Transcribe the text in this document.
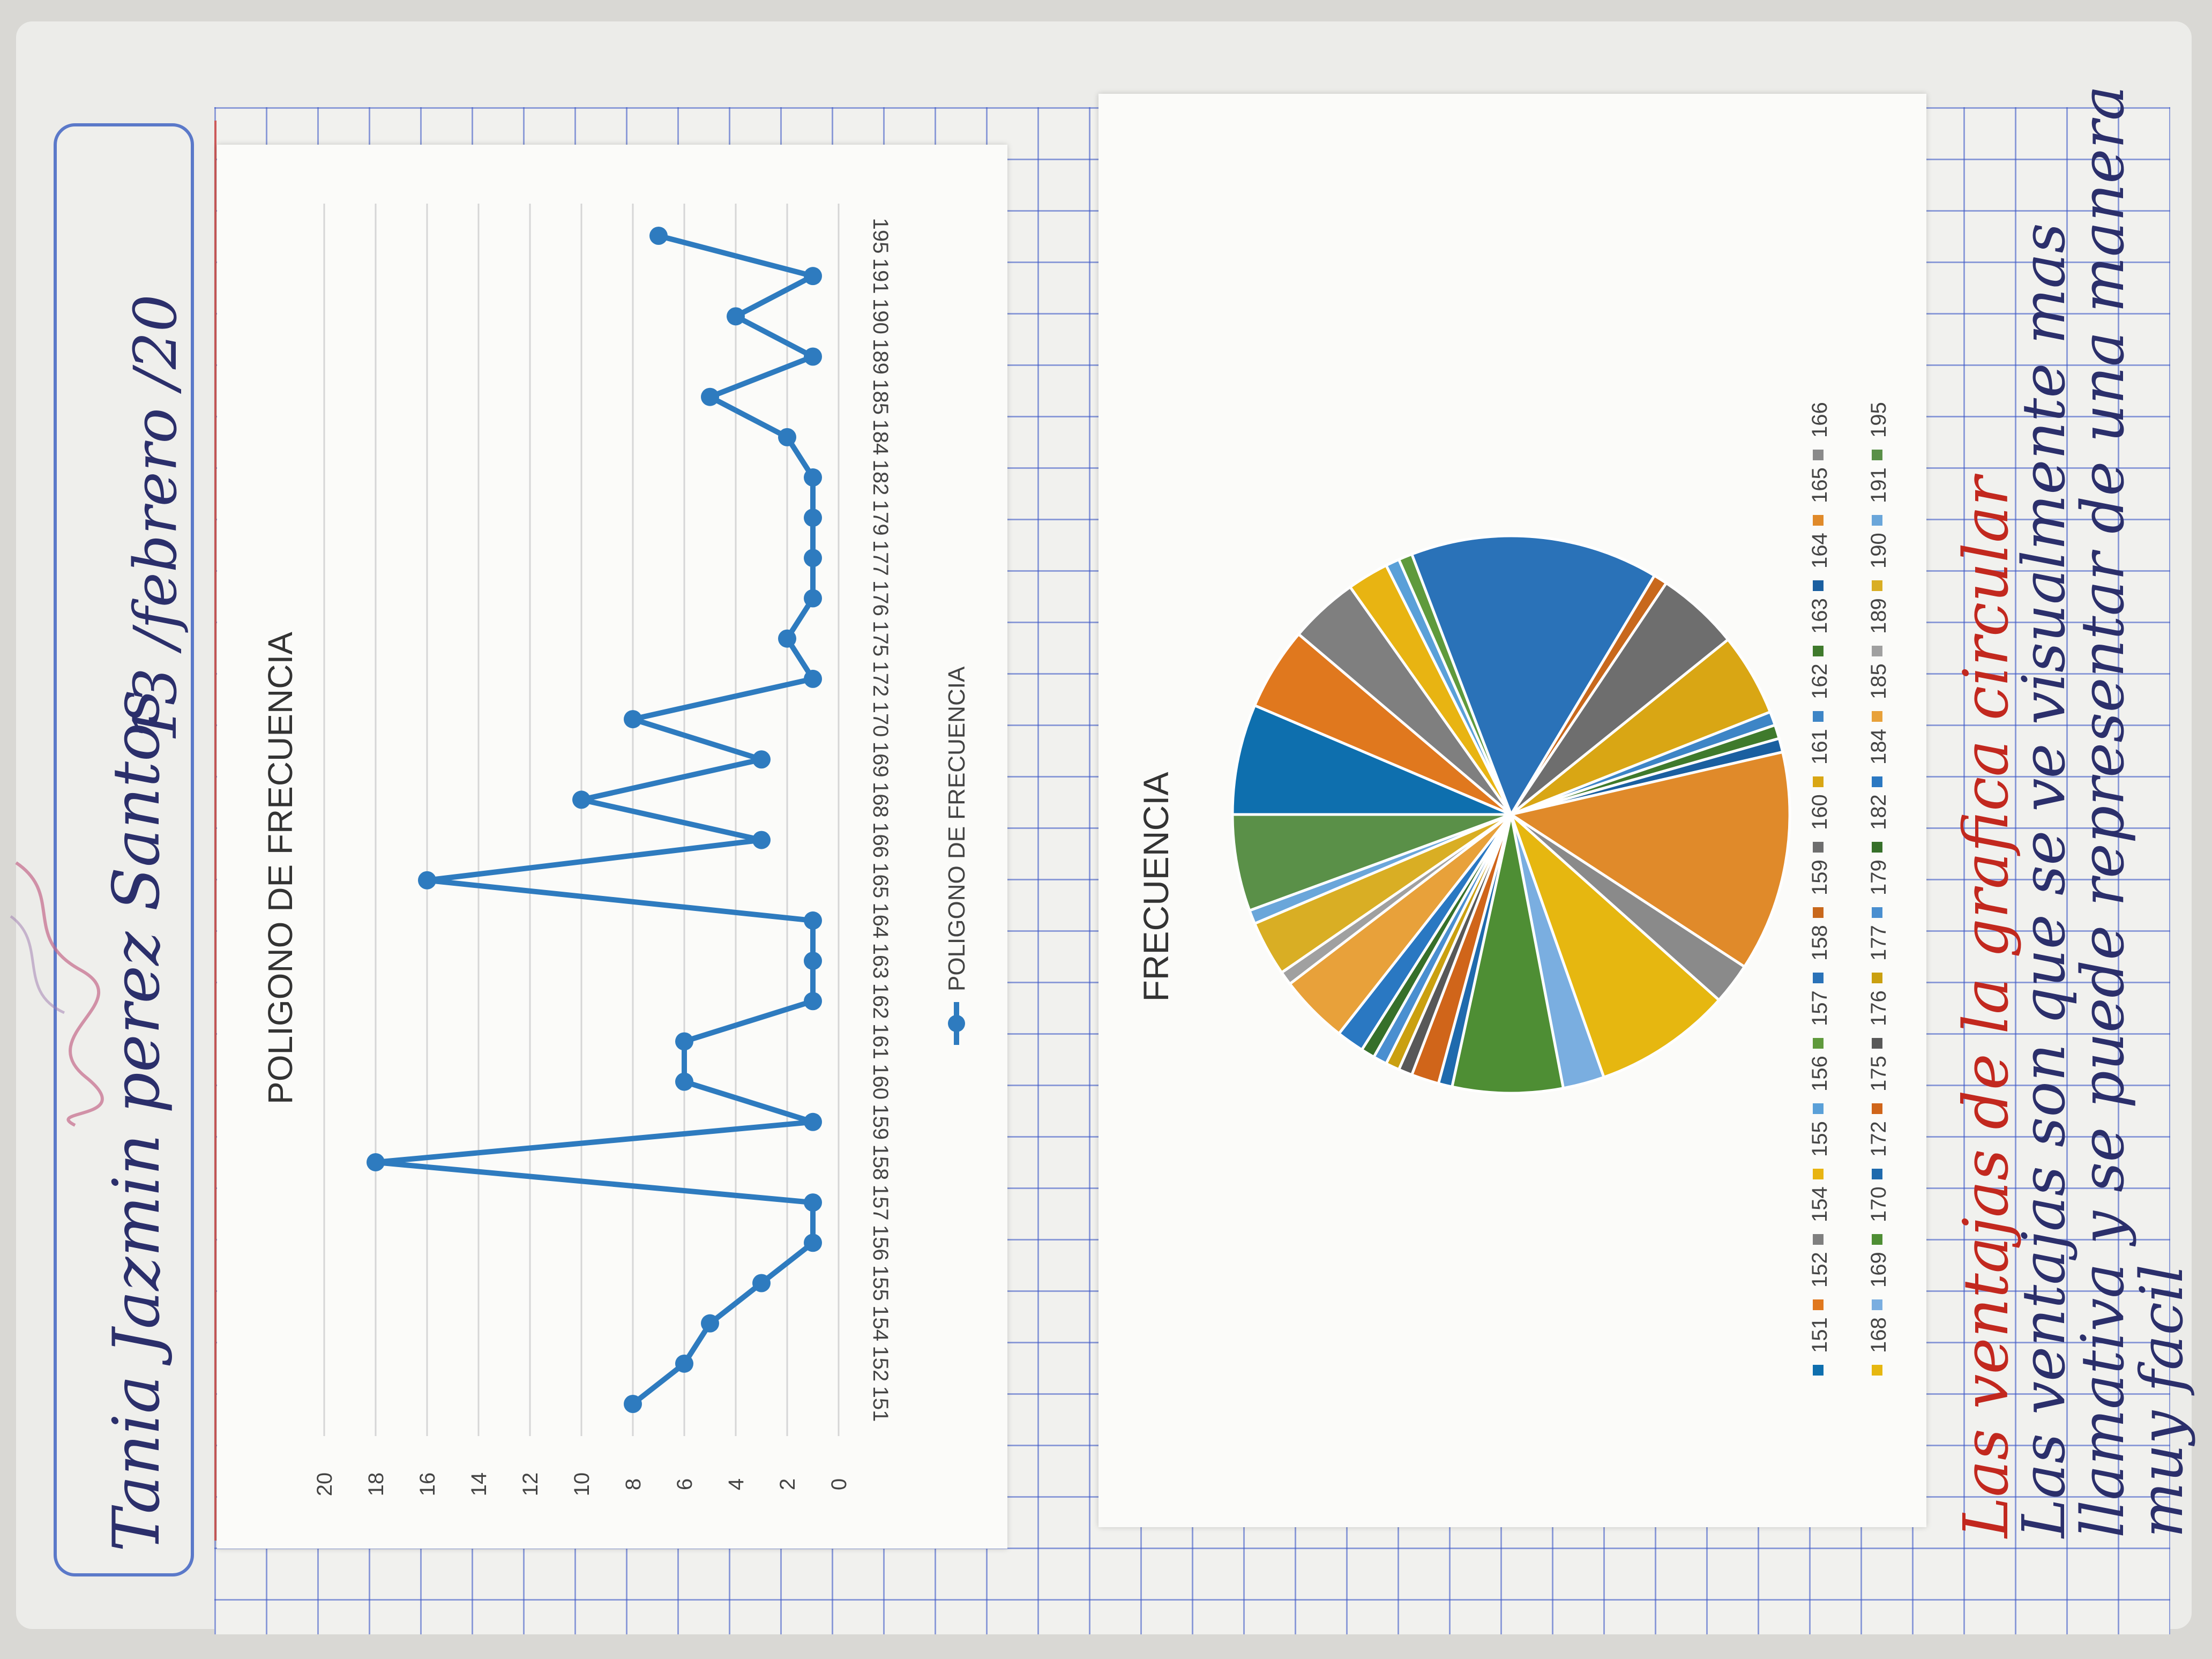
Tania Jazmin perez Santos
13 /febrero /20
0
2
4
6
8
10
12
14
16
18
20
151
152
154
155
156
157
158
159
160
161
162
163
164
165
166
168
169
170
172
175
176
177
179
182
184
185
189
190
191
195
POLIGONO DE FRECUENCIA	POLIGONO DE FRECUENCIA	FRECUENCIA
151
152
154
155
156
157
158
159
160
161
162
163
164
165
166
168
169
170
172
175
176
177
179
182
184
185
189
190
191
195
Las ventajas de la grafica circular
Las ventajas son que se ve visualmente mas
llamativa y se puede representar de una manera
muy facil
